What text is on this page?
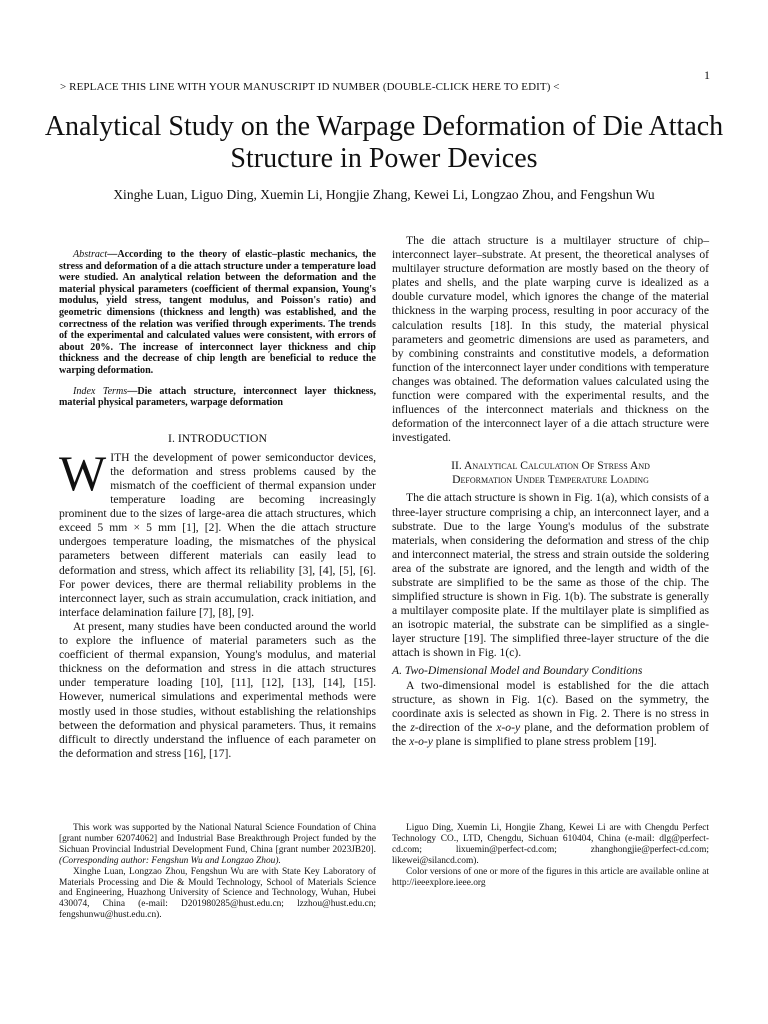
1
> REPLACE THIS LINE WITH YOUR MANUSCRIPT ID NUMBER (DOUBLE-CLICK HERE TO EDIT) <
Analytical Study on the Warpage Deformation of Die Attach Structure in Power Devices
Xinghe Luan, Liguo Ding, Xuemin Li, Hongjie Zhang, Kewei Li, Longzao Zhou, and Fengshun Wu

Abstract—According to the theory of elastic–plastic mechanics, the stress and deformation of a die attach structure under a temperature load were studied. An analytical relation between the deformation and the material physical parameters (coefficient of thermal expansion, Young's modulus, yield stress, tangent modulus, and Poisson's ratio) and geometric dimensions (thickness and length) was established, and the correctness of the relation was verified through experiments. The trends of the experimental and calculated values were consistent, with errors of about 20%. The increase of interconnect layer thickness and chip thickness and the decrease of chip length are beneficial to reduce the warping deformation.

Index Terms—Die attach structure, interconnect layer thickness, material physical parameters, warpage deformation

I. INTRODUCTION

WITH the development of power semiconductor devices, the deformation and stress problems caused by the mismatch of the coefficient of thermal expansion under temperature loading are becoming increasingly prominent due to the sizes of large-area die attach structures, which exceed 5 mm × 5 mm [1], [2]. When the die attach structure undergoes temperature loading, the mismatches of the physical parameters between different materials can easily lead to deformation and stress, which affect its reliability [3], [4], [5], [6]. For power devices, there are thermal reliability problems in the interconnect layer, such as strain accumulation, crack initiation, and interface delamination failure [7], [8], [9].

At present, many studies have been conducted around the world to explore the influence of material parameters such as the coefficient of thermal expansion, Young's modulus, and material thickness on the deformation and stress in die attach structures under temperature loading [10], [11], [12], [13], [14], [15]. However, numerical simulations and experimental methods were mostly used in those studies, without establishing the relationships between the deformation and physical parameters. Thus, it remains difficult to directly understand the influence of each parameter on the deformation and stress [16], [17].

The die attach structure is a multilayer structure of chip–interconnect layer–substrate. At present, the theoretical analyses of multilayer structure deformation are mostly based on the theory of plates and shells, and the plate warping curve is idealized as a double curvature model, which ignores the change of the material thickness in the warping process, resulting in poor accuracy of the calculation results [18]. In this study, the material physical parameters and geometric dimensions are used as parameters, and by combining constraints and constitutive models, a deformation function of the interconnect layer under conditions with temperature changes was obtained. The deformation values calculated using the function were compared with the experimental results, and the influences of the interconnect materials and thickness on the deformation of the interconnect layer of a die attach structure were investigated.

II. Analytical Calculation Of Stress And
Deformation Under Temperature Loading

The die attach structure is shown in Fig. 1(a), which consists of a three-layer structure comprising a chip, an interconnect layer, and a substrate. Due to the large Young's modulus of the substrate materials, when considering the deformation and stress of the chip and interconnect material, the stress and strain outside the soldering area of the substrate are ignored, and the length and width of the substrate are simplified to be the same as those of the chip. The simplified structure is shown in Fig. 1(b). The substrate is generally a multilayer composite plate. If the multilayer plate is simplified as an isotropic material, the substrate can be simplified as a single-layer structure [19]. The simplified three-layer structure of the die attach is shown in Fig. 1(c).

A. Two-Dimensional Model and Boundary Conditions

A two-dimensional model is established for the die attach structure, as shown in Fig. 1(c). Based on the symmetry, the coordinate axis is selected as shown in Fig. 2. There is no stress in the z-direction of the x-o-y plane, and the deformation problem of the x-o-y plane is simplified to plane stress problem [19].

This work was supported by the National Natural Science Foundation of China [grant number 62074062] and Industrial Base Breakthrough Project funded by the Sichuan Provincial Industrial Development Fund, China [grant number 2023JB20]. (Corresponding author: Fengshun Wu and Longzao Zhou).

Xinghe Luan, Longzao Zhou, Fengshun Wu are with State Key Laboratory of Materials Processing and Die & Mould Technology, School of Materials Science and Engineering, Huazhong University of Science and Technology, Wuhan, Hubei 430074, China (e-mail: D201980285@hust.edu.cn; lzzhou@hust.edu.cn; fengshunwu@hust.edu.cn).

Liguo Ding, Xuemin Li, Hongjie Zhang, Kewei Li are with Chengdu Perfect Technology CO., LTD, Chengdu, Sichuan 610404, China (e-mail: dlg@perfect-cd.com; lixuemin@perfect-cd.com; zhanghongjie@perfect-cd.com; likewei@silancd.com).

Color versions of one or more of the figures in this article are available online at http://ieeexplore.ieee.org
